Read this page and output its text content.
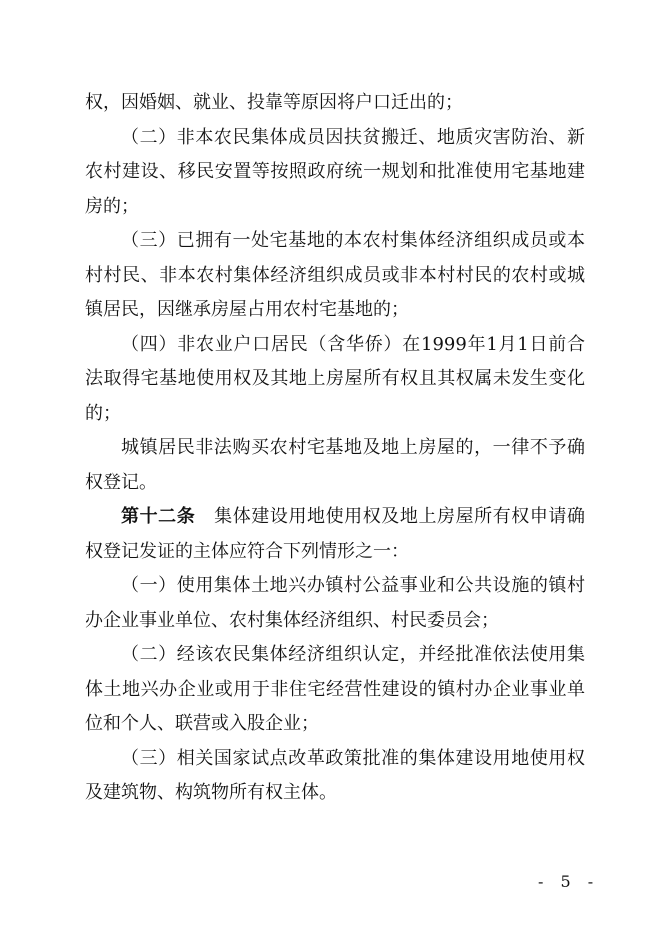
权，因婚姻、就业、投靠等原因将户口迁出的；

（二）非本农民集体成员因扶贫搬迁、地质灾害防治、新农村建设、移民安置等按照政府统一规划和批准使用宅基地建房的；

（三）已拥有一处宅基地的本农村集体经济组织成员或本村村民、非本农村集体经济组织成员或非本村村民的农村或城镇居民，因继承房屋占用农村宅基地的；

（四）非农业户口居民（含华侨）在1999年1月1日前合法取得宅基地使用权及其地上房屋所有权且其权属未发生变化的；

城镇居民非法购买农村宅基地及地上房屋的，一律不予确权登记。

第十二条 集体建设用地使用权及地上房屋所有权申请确权登记发证的主体应符合下列情形之一：

（一）使用集体土地兴办镇村公益事业和公共设施的镇村办企业事业单位、农村集体经济组织、村民委员会；

（二）经该农民集体经济组织认定，并经批准依法使用集体土地兴办企业或用于非住宅经营性建设的镇村办企业事业单位和个人、联营或入股企业；

（三）相关国家试点改革政策批准的集体建设用地使用权及建筑物、构筑物所有权主体。

- 5 -
